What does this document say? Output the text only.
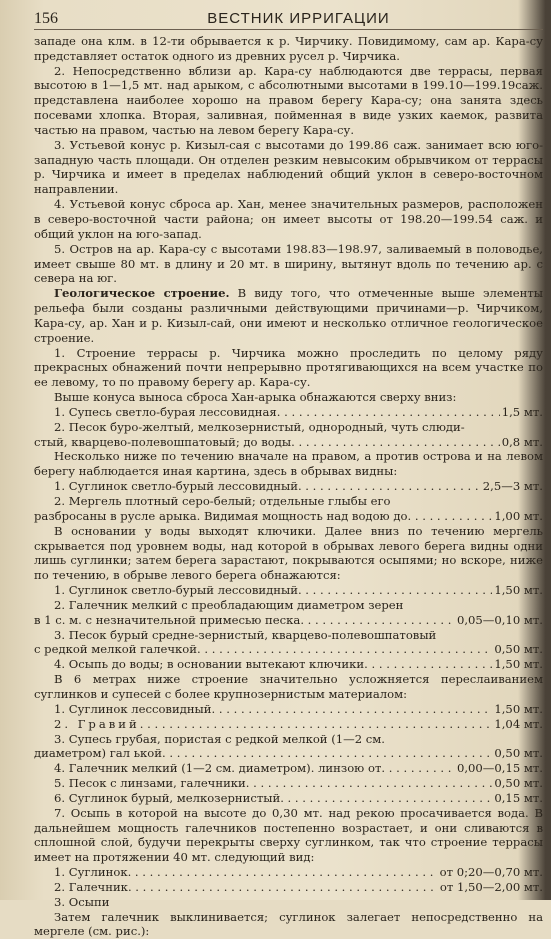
156	ВЕСТНИК ИРРИГАЦИИ

западе она клм. в 12-ти обрывается к р. Чирчику. Повидимому, сам ар. Кара-су представляет остаток одного из древних русел р. Чирчика.

2. Непосредственно вблизи ар. Кара-су наблюдаются две террасы, первая высотою в 1—1,5 мт. над арыком, с абсолютными высотами в 199.10—199.19саж. представлена наиболее хорошо на правом берегу Кара-су; она занята здесь посевами хлопка. Вторая, заливная, пойменная в виде узких каемок, развита частью на правом, частью на левом берегу Кара-су.

3. Устьевой конус р. Кизыл-сая с высотами до 199.86 саж. занимает всю юго-западную часть площади. Он отделен резким невысоким обрывчиком от террасы р. Чирчика и имеет в пределах наблюдений общий уклон в северо-восточном направлении.

4. Устьевой конус сброса ар. Хан, менее значительных размеров, расположен в северо-восточной части района; он имеет высоты от 198.20—199.54 саж. и общий уклон на юго-запад.

5. Остров на ар. Кара-су с высотами 198.83—198.97, заливаемый в половодье, имеет свыше 80 мт. в длину и 20 мт. в ширину, вытянут вдоль по течению ар. с севера на юг.

Геологическое строение. В виду того, что отмеченные выше элементы рельефа были созданы различными действующими причинами—р. Чирчиком, Кара-су, ар. Хан и р. Кизыл-сай, они имеют и несколько отличное геологическое строение.

1. Строение террасы р. Чирчика можно проследить по целому ряду прекрасных обнажений почти непрерывно протягивающихся на всем участке по ее левому, то по правому берегу ар. Кара-су.

Выше конуса выноса сброса Хан-арыка обнажаются сверху вниз:

1. Супесь светло-бурая лессовидная . . .	1,5 мт.
2. Песок буро-желтый, мелкозернистый, однородный, чуть слюди-
стый, кварцево-полевошпатовый; до воды . . .	0,8 мт.

Несколько ниже по течению вначале на правом, а против острова и на левом берегу наблюдается иная картина, здесь в обрывах видны:

1. Суглинок светло-бурый лессовидный . . .	2,5—3 мт.
2. Мергель плотный серо-белый; отдельные глыбы его
разбросаны в русле арыка. Видимая мощность над водою до . . .	1,00 мт.

В основании у воды выходят ключики. Далее вниз по течению мергель скрывается под уровнем воды, над которой в обрывах левого берега видны одни лишь суглинки; затем берега зарастают, покрываются осыпями; но вскоре, ниже по течению, в обрыве левого берега обнажаются:

1. Суглинок светло-бурый лессовидный . . .	1,50 мт.
2. Галечник мелкий с преобладающим диаметром зерен
в 1 с. м. с незначительной примесью песка . . .	0,05—0,10 мт.
3. Песок бурый средне-зернистый, кварцево-полевошпатовый
с редкой мелкой галечкой . . .	0,50 мт.
4. Осыпь до воды; в основании вытекают ключики . . .	1,50 мт.

В 6 метрах ниже строение значительно усложняется переслаиванием суглинков и супесей с более крупнозернистым материалом:

1. Суглинок лессовидный . . .	1,50 мт.
2. Гравий . . .	1,04 мт.
3. Супесь грубая, пористая с редкой мелкой (1—2 см.
диаметром) гал ькой . . .	0,50 мт.
4. Галечник мелкий (1—2 см. диаметром). линзою от . . .	0,00—0,15 мт.
5. Песок с линзами, галечники . . .	0,50 мт.
6. Суглинок бурый, мелкозернистый . . .	0,15 мт.

7. Осыпь в которой на высоте до 0,30 мт. над рекою просачивается вода. В дальнейшем мощность галечников постепенно возрастает, и они сливаются в сплошной слой, будучи перекрыты сверху суглинком, так что строение террасы имеет на протяжении 40 мт. следующий вид:

1. Суглинок . . .	от 0;20—0,70 мт.
2. Галечник . . .	от 1,50—2,00 мт.
3. Осыпи

Затем галечник выклинивается; суглинок залегает непосредственно на мергеле (см. рис.):
